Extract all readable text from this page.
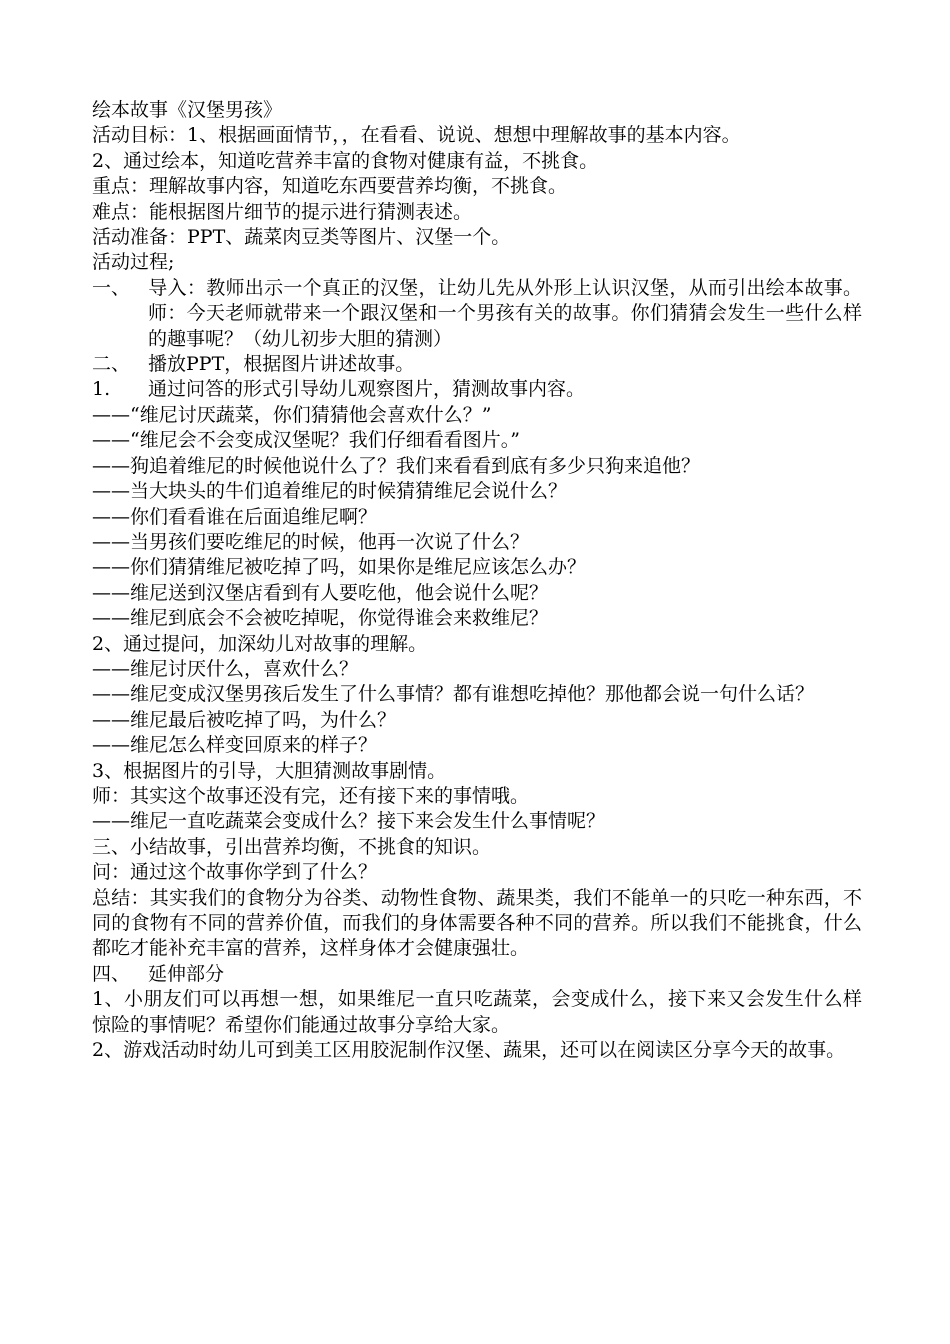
绘本故事《汉堡男孩》
活动目标：1、根据画面情节，，在看看、说说、想想中理解故事的基本内容。
2、通过绘本，知道吃营养丰富的食物对健康有益，不挑食。
重点：理解故事内容，知道吃东西要营养均衡，不挑食。
难点：能根据图片细节的提示进行猜测表述。
活动准备：PPT、蔬菜肉豆类等图片、汉堡一个。
活动过程;
一、 导入：教师出示一个真正的汉堡，让幼儿先从外形上认识汉堡，从而引出绘本故事。师：今天老师就带来一个跟汉堡和一个男孩有关的故事。你们猜猜会发生一些什么样的趣事呢？（幼儿初步大胆的猜测）
二、 播放PPT，根据图片讲述故事。
1.	通过问答的形式引导幼儿观察图片，猜测故事内容。
——“维尼讨厌蔬菜，你们猜猜他会喜欢什么？”
——“维尼会不会变成汉堡呢？我们仔细看看图片。”
——狗追着维尼的时候他说什么了？我们来看看到底有多少只狗来追他？
——当大块头的牛们追着维尼的时候猜猜维尼会说什么？
——你们看看谁在后面追维尼啊？
——当男孩们要吃维尼的时候，他再一次说了什么？
——你们猜猜维尼被吃掉了吗，如果你是维尼应该怎么办？
——维尼送到汉堡店看到有人要吃他，他会说什么呢？
——维尼到底会不会被吃掉呢，你觉得谁会来救维尼？
2、通过提问，加深幼儿对故事的理解。
——维尼讨厌什么，喜欢什么？
——维尼变成汉堡男孩后发生了什么事情？都有谁想吃掉他？那他都会说一句什么话？
——维尼最后被吃掉了吗，为什么？
——维尼怎么样变回原来的样子？
3、根据图片的引导，大胆猜测故事剧情。
师：其实这个故事还没有完，还有接下来的事情哦。
——维尼一直吃蔬菜会变成什么？接下来会发生什么事情呢？
三、小结故事，引出营养均衡，不挑食的知识。
问：通过这个故事你学到了什么？
总结：其实我们的食物分为谷类、动物性食物、蔬果类，我们不能单一的只吃一种东西，不同的食物有不同的营养价值，而我们的身体需要各种不同的营养。所以我们不能挑食，什么都吃才能补充丰富的营养，这样身体才会健康强壮。
四、 延伸部分
1、小朋友们可以再想一想，如果维尼一直只吃蔬菜，会变成什么，接下来又会发生什么样惊险的事情呢？希望你们能通过故事分享给大家。
2、游戏活动时幼儿可到美工区用胶泥制作汉堡、蔬果，还可以在阅读区分享今天的故事。
